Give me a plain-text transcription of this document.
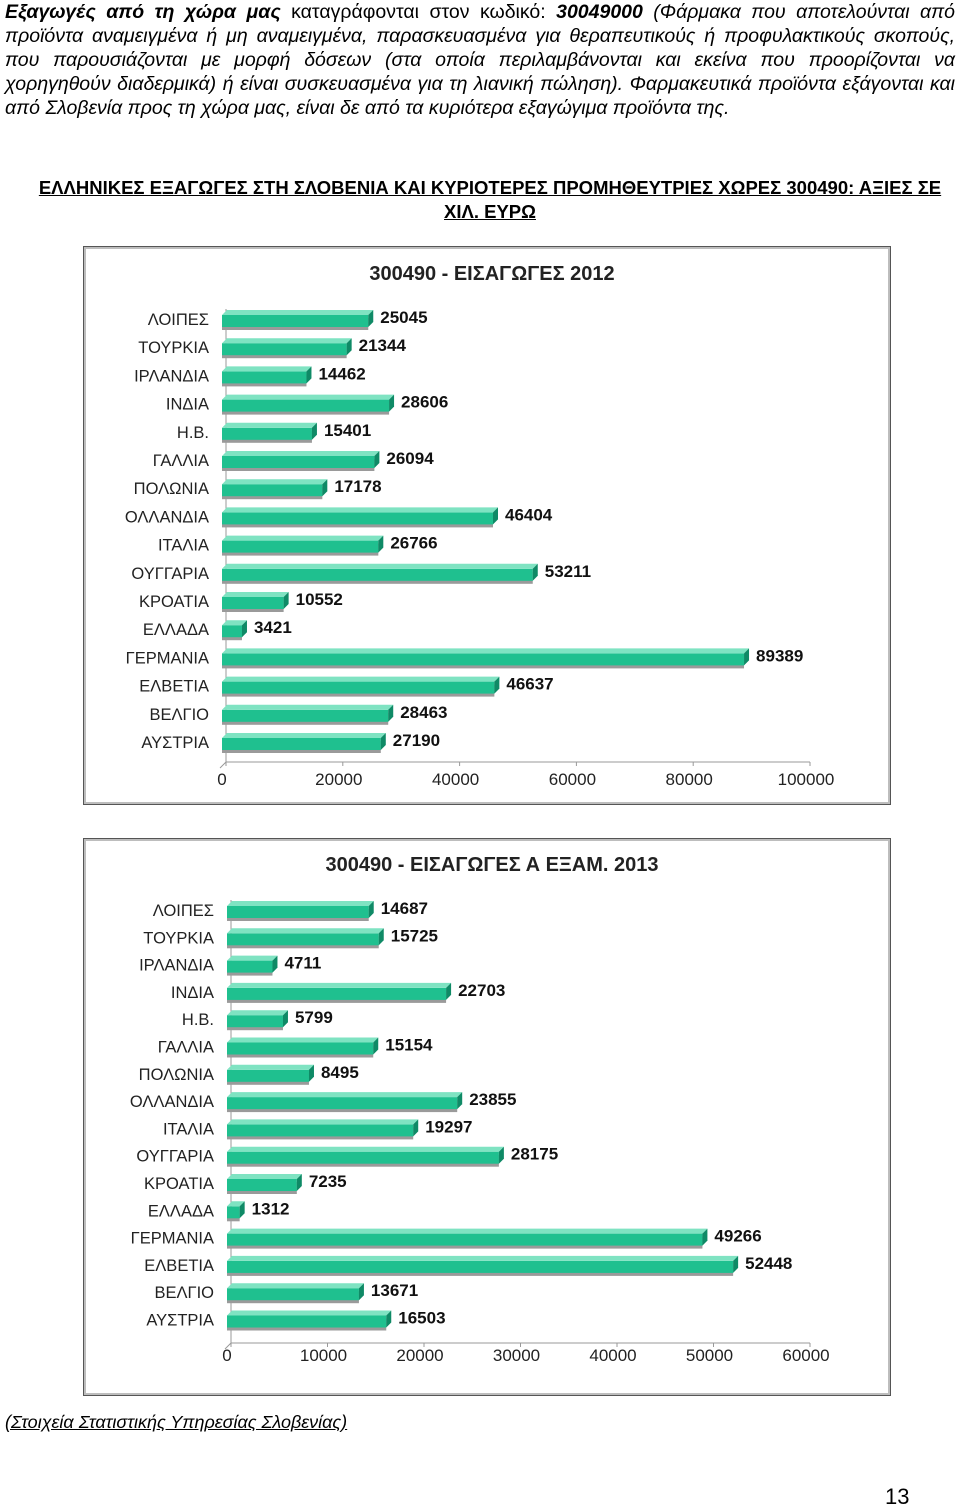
Εξαγωγές από τη χώρα μας καταγράφονται στον κωδικό: 30049000 (Φάρμακα που αποτελούνται από προϊόντα αναμειγμένα ή μη αναμειγμένα, παρασκευασμένα για θεραπευτικούς ή προφυλακτικούς σκοπούς, που παρουσιάζονται με μορφή δόσεων (στα οποία περιλαμβάνονται και εκείνα που προορίζονται να χορηγηθούν διαδερμικά) ή είναι συσκευασμένα για τη λιανική πώληση). Φαρμακευτικά προϊόντα εξάγονται και από Σλοβενία προς τη χώρα μας, είναι δε από τα κυριότερα εξαγώγιμα προϊόντα της.

ΕΛΛΗΝΙΚΕΣ ΕΞΑΓΩΓΕΣ ΣΤΗ ΣΛΟΒΕΝΙΑ ΚΑΙ ΚΥΡΙΟΤΕΡΕΣ ΠΡΟΜΗΘΕΥΤΡΙΕΣ ΧΩΡΕΣ 300490: ΑΞΙΕΣ ΣΕ ΧΙΛ. ΕΥΡΩ

300490 - ΕΙΣΑΓΩΓΕΣ 2012
0	20000	40000	60000	80000	100000
ΛΟΙΠΕΣ	25045
ΤΟΥΡΚΙΑ	21344
ΙΡΛΑΝΔΙΑ	14462
ΙΝΔΙΑ	28606
Η.Β.	15401
ΓΑΛΛΙΑ	26094
ΠΟΛΩΝΙΑ	17178
ΟΛΛΑΝΔΙΑ	46404
ΙΤΑΛΙΑ	26766
ΟΥΓΓΑΡΙΑ	53211
ΚΡΟΑΤΙΑ	10552
ΕΛΛΑΔΑ	3421
ΓΕΡΜΑΝΙΑ	89389
ΕΛΒΕΤΙΑ	46637
ΒΕΛΓΙΟ	28463
ΑΥΣΤΡΙΑ	27190
300490 - ΕΙΣΑΓΩΓΕΣ Α ΕΞΑΜ. 2013
0	10000	20000	30000	40000	50000	60000
ΛΟΙΠΕΣ	14687
ΤΟΥΡΚΙΑ	15725
ΙΡΛΑΝΔΙΑ	4711
ΙΝΔΙΑ	22703
Η.Β.	5799
ΓΑΛΛΙΑ	15154
ΠΟΛΩΝΙΑ	8495
ΟΛΛΑΝΔΙΑ	23855
ΙΤΑΛΙΑ	19297
ΟΥΓΓΑΡΙΑ	28175
ΚΡΟΑΤΙΑ	7235
ΕΛΛΑΔΑ 1312
ΓΕΡΜΑΝΙΑ	49266
ΕΛΒΕΤΙΑ	52448
ΒΕΛΓΙΟ	13671
ΑΥΣΤΡΙΑ	16503
(Στοιχεία Στατιστικής Υπηρεσίας Σλοβενίας)
13
